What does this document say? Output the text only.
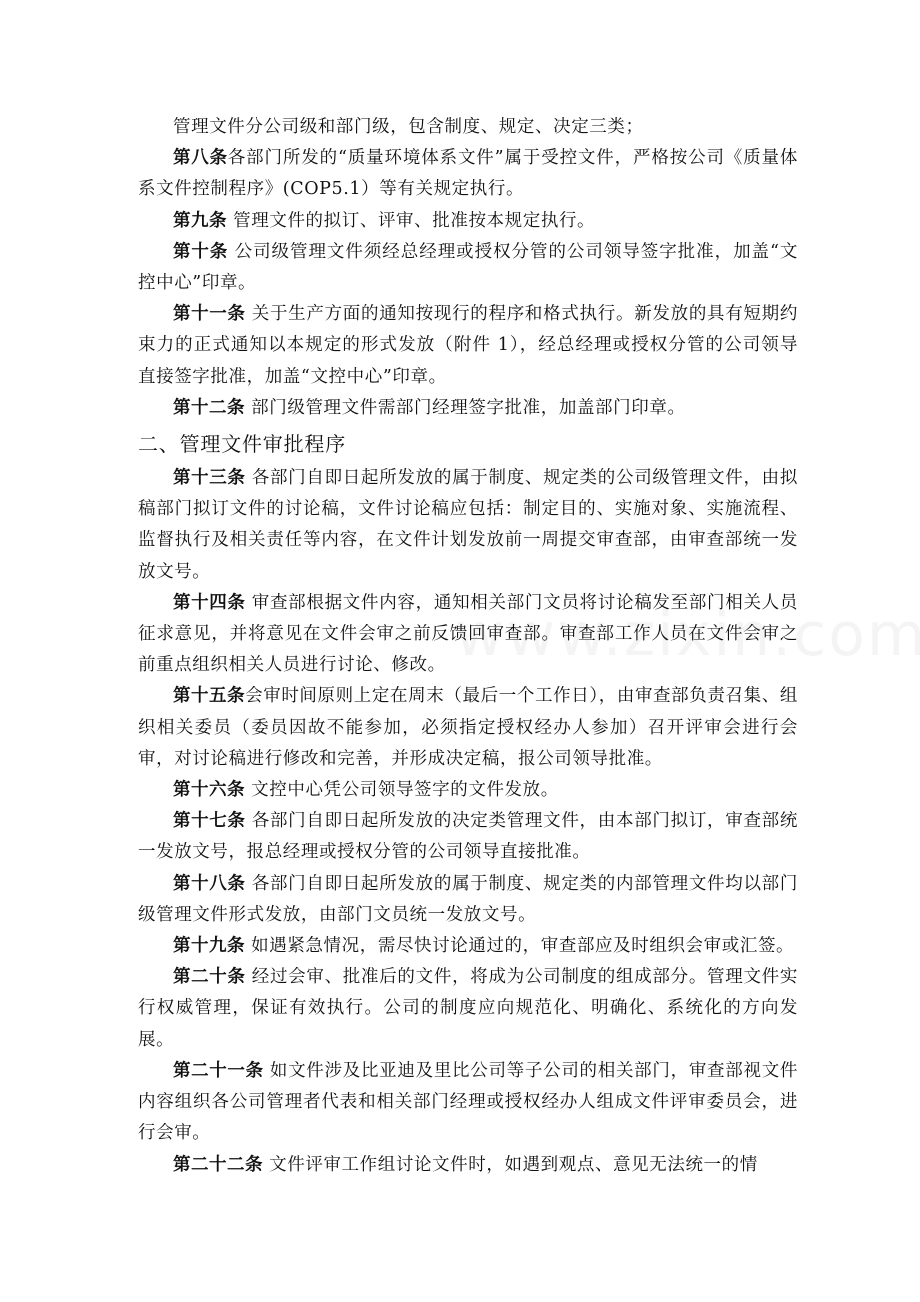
管理文件分公司级和部门级，包含制度、规定、决定三类；

第八条各部门所发的“质量环境体系文件”属于受控文件，严格按公司《质量体系文件控制程序》(COP5.1）等有关规定执行。

第九条 管理文件的拟订、评审、批准按本规定执行。

第十条 公司级管理文件须经总经理或授权分管的公司领导签字批准，加盖“文控中心”印章。

第十一条 关于生产方面的通知按现行的程序和格式执行。新发放的具有短期约束力的正式通知以本规定的形式发放（附件 1），经总经理或授权分管的公司领导直接签字批准，加盖“文控中心”印章。

第十二条 部门级管理文件需部门经理签字批准，加盖部门印章。

二、管理文件审批程序

第十三条 各部门自即日起所发放的属于制度、规定类的公司级管理文件，由拟稿部门拟订文件的讨论稿，文件讨论稿应包括：制定目的、实施对象、实施流程、监督执行及相关责任等内容，在文件计划发放前一周提交审查部，由审查部统一发放文号。

第十四条 审查部根据文件内容，通知相关部门文员将讨论稿发至部门相关人员征求意见，并将意见在文件会审之前反馈回审查部。审查部工作人员在文件会审之前重点组织相关人员进行讨论、修改。

第十五条会审时间原则上定在周末（最后一个工作日），由审查部负责召集、组织相关委员（委员因故不能参加，必须指定授权经办人参加）召开评审会进行会审，对讨论稿进行修改和完善，并形成决定稿，报公司领导批准。

第十六条 文控中心凭公司领导签字的文件发放。

第十七条 各部门自即日起所发放的决定类管理文件，由本部门拟订，审查部统一发放文号，报总经理或授权分管的公司领导直接批准。

第十八条 各部门自即日起所发放的属于制度、规定类的内部管理文件均以部门级管理文件形式发放，由部门文员统一发放文号。

第十九条 如遇紧急情况，需尽快讨论通过的，审查部应及时组织会审或汇签。

第二十条 经过会审、批准后的文件，将成为公司制度的组成部分。管理文件实行权威管理，保证有效执行。公司的制度应向规范化、明确化、系统化的方向发展。

第二十一条 如文件涉及比亚迪及里比公司等子公司的相关部门，审查部视文件内容组织各公司管理者代表和相关部门经理或授权经办人组成文件评审委员会，进行会审。

第二十二条 文件评审工作组讨论文件时，如遇到观点、意见无法统一的情
